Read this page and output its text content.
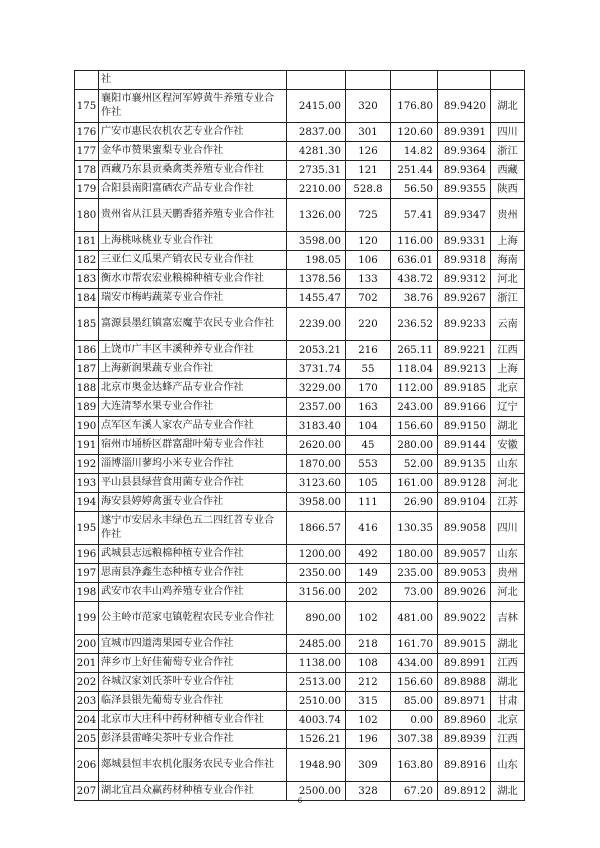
	社					
175	襄阳市襄州区程河军婷黄牛养殖专业合作社	2415.00	320	176.80	89.9420	湖北
176	广安市惠民农机农艺专业合作社	2837.00	301	120.60	89.9391	四川
177	金华市赞果蜜梨专业合作社	4281.30	126	14.82	89.9364	浙江
178	西藏乃东县贡桑禽类养殖专业合作社	2735.31	121	251.44	89.9364	西藏
179	合阳县南阳富硒农产品专业合作社	2210.00	528.8	56.50	89.9355	陕西
180	贵州省从江县天鹏香猪养殖专业合作社	1326.00	725	57.41	89.9347	贵州
181	上海桃咏桃业专业合作社	3598.00	120	116.00	89.9331	上海
182	三亚仁义瓜果产销农民专业合作社	198.05	106	636.01	89.9318	海南
183	衡水市帮农宏业粮棉种植专业合作社	1378.56	133	438.72	89.9312	河北
184	瑞安市梅屿蔬菜专业合作社	1455.47	702	38.76	89.9267	浙江
185	富源县墨红镇富宏魔芋农民专业合作社	2239.00	220	236.52	89.9233	云南
186	上饶市广丰区丰溪种养专业合作社	2053.21	216	265.11	89.9221	江西
187	上海新润果蔬专业合作社	3731.74	55	118.04	89.9213	上海
188	北京市奥金达蜂产品专业合作社	3229.00	170	112.00	89.9185	北京
189	大连清琴水果专业合作社	2357.00	163	243.00	89.9166	辽宁
190	点军区车溪人家农产品专业合作社	3183.40	104	156.60	89.9150	湖北
191	宿州市埇桥区群富甜叶菊专业合作社	2620.00	45	280.00	89.9144	安徽
192	淄博淄川蓼坞小米专业合作社	1870.00	553	52.00	89.9135	山东
193	平山县县绿营食用菌专业合作社	3123.60	105	161.00	89.9128	河北
194	海安县婷婷禽蛋专业合作社	3958.00	111	26.90	89.9104	江苏
195	遂宁市安居永丰绿色五二四红苕专业合作社	1866.57	416	130.35	89.9058	四川
196	武城县志远粮棉种植专业合作社	1200.00	492	180.00	89.9057	山东
197	思南县净鑫生态种植专业合作社	2350.00	149	235.00	89.9053	贵州
198	武安市农丰山鸡养殖专业合作社	3156.00	202	73.00	89.9026	河北
199	公主岭市范家屯镇乾程农民专业合作社	890.00	102	481.00	89.9022	吉林
200	宜城市四道湾果园专业合作社	2485.00	218	161.70	89.9015	湖北
201	萍乡市上好佳葡萄专业合作社	1138.00	108	434.00	89.8991	江西
202	谷城汉家刘氏茶叶专业合作社	2513.00	212	156.60	89.8988	湖北
203	临泽县银先葡萄专业合作社	2510.00	315	85.00	89.8971	甘肃
204	北京市大庄科中药材种植专业合作社	4003.74	102	0.00	89.8960	北京
205	彭泽县雷峰尖茶叶专业合作社	1526.21	196	307.38	89.8939	江西
206	郯城县恒丰农机化服务农民专业合作社	1948.90	309	163.80	89.8916	山东
207	湖北宜昌众赢药材种植专业合作社	2500.00	328	67.20	89.8912	湖北
6
